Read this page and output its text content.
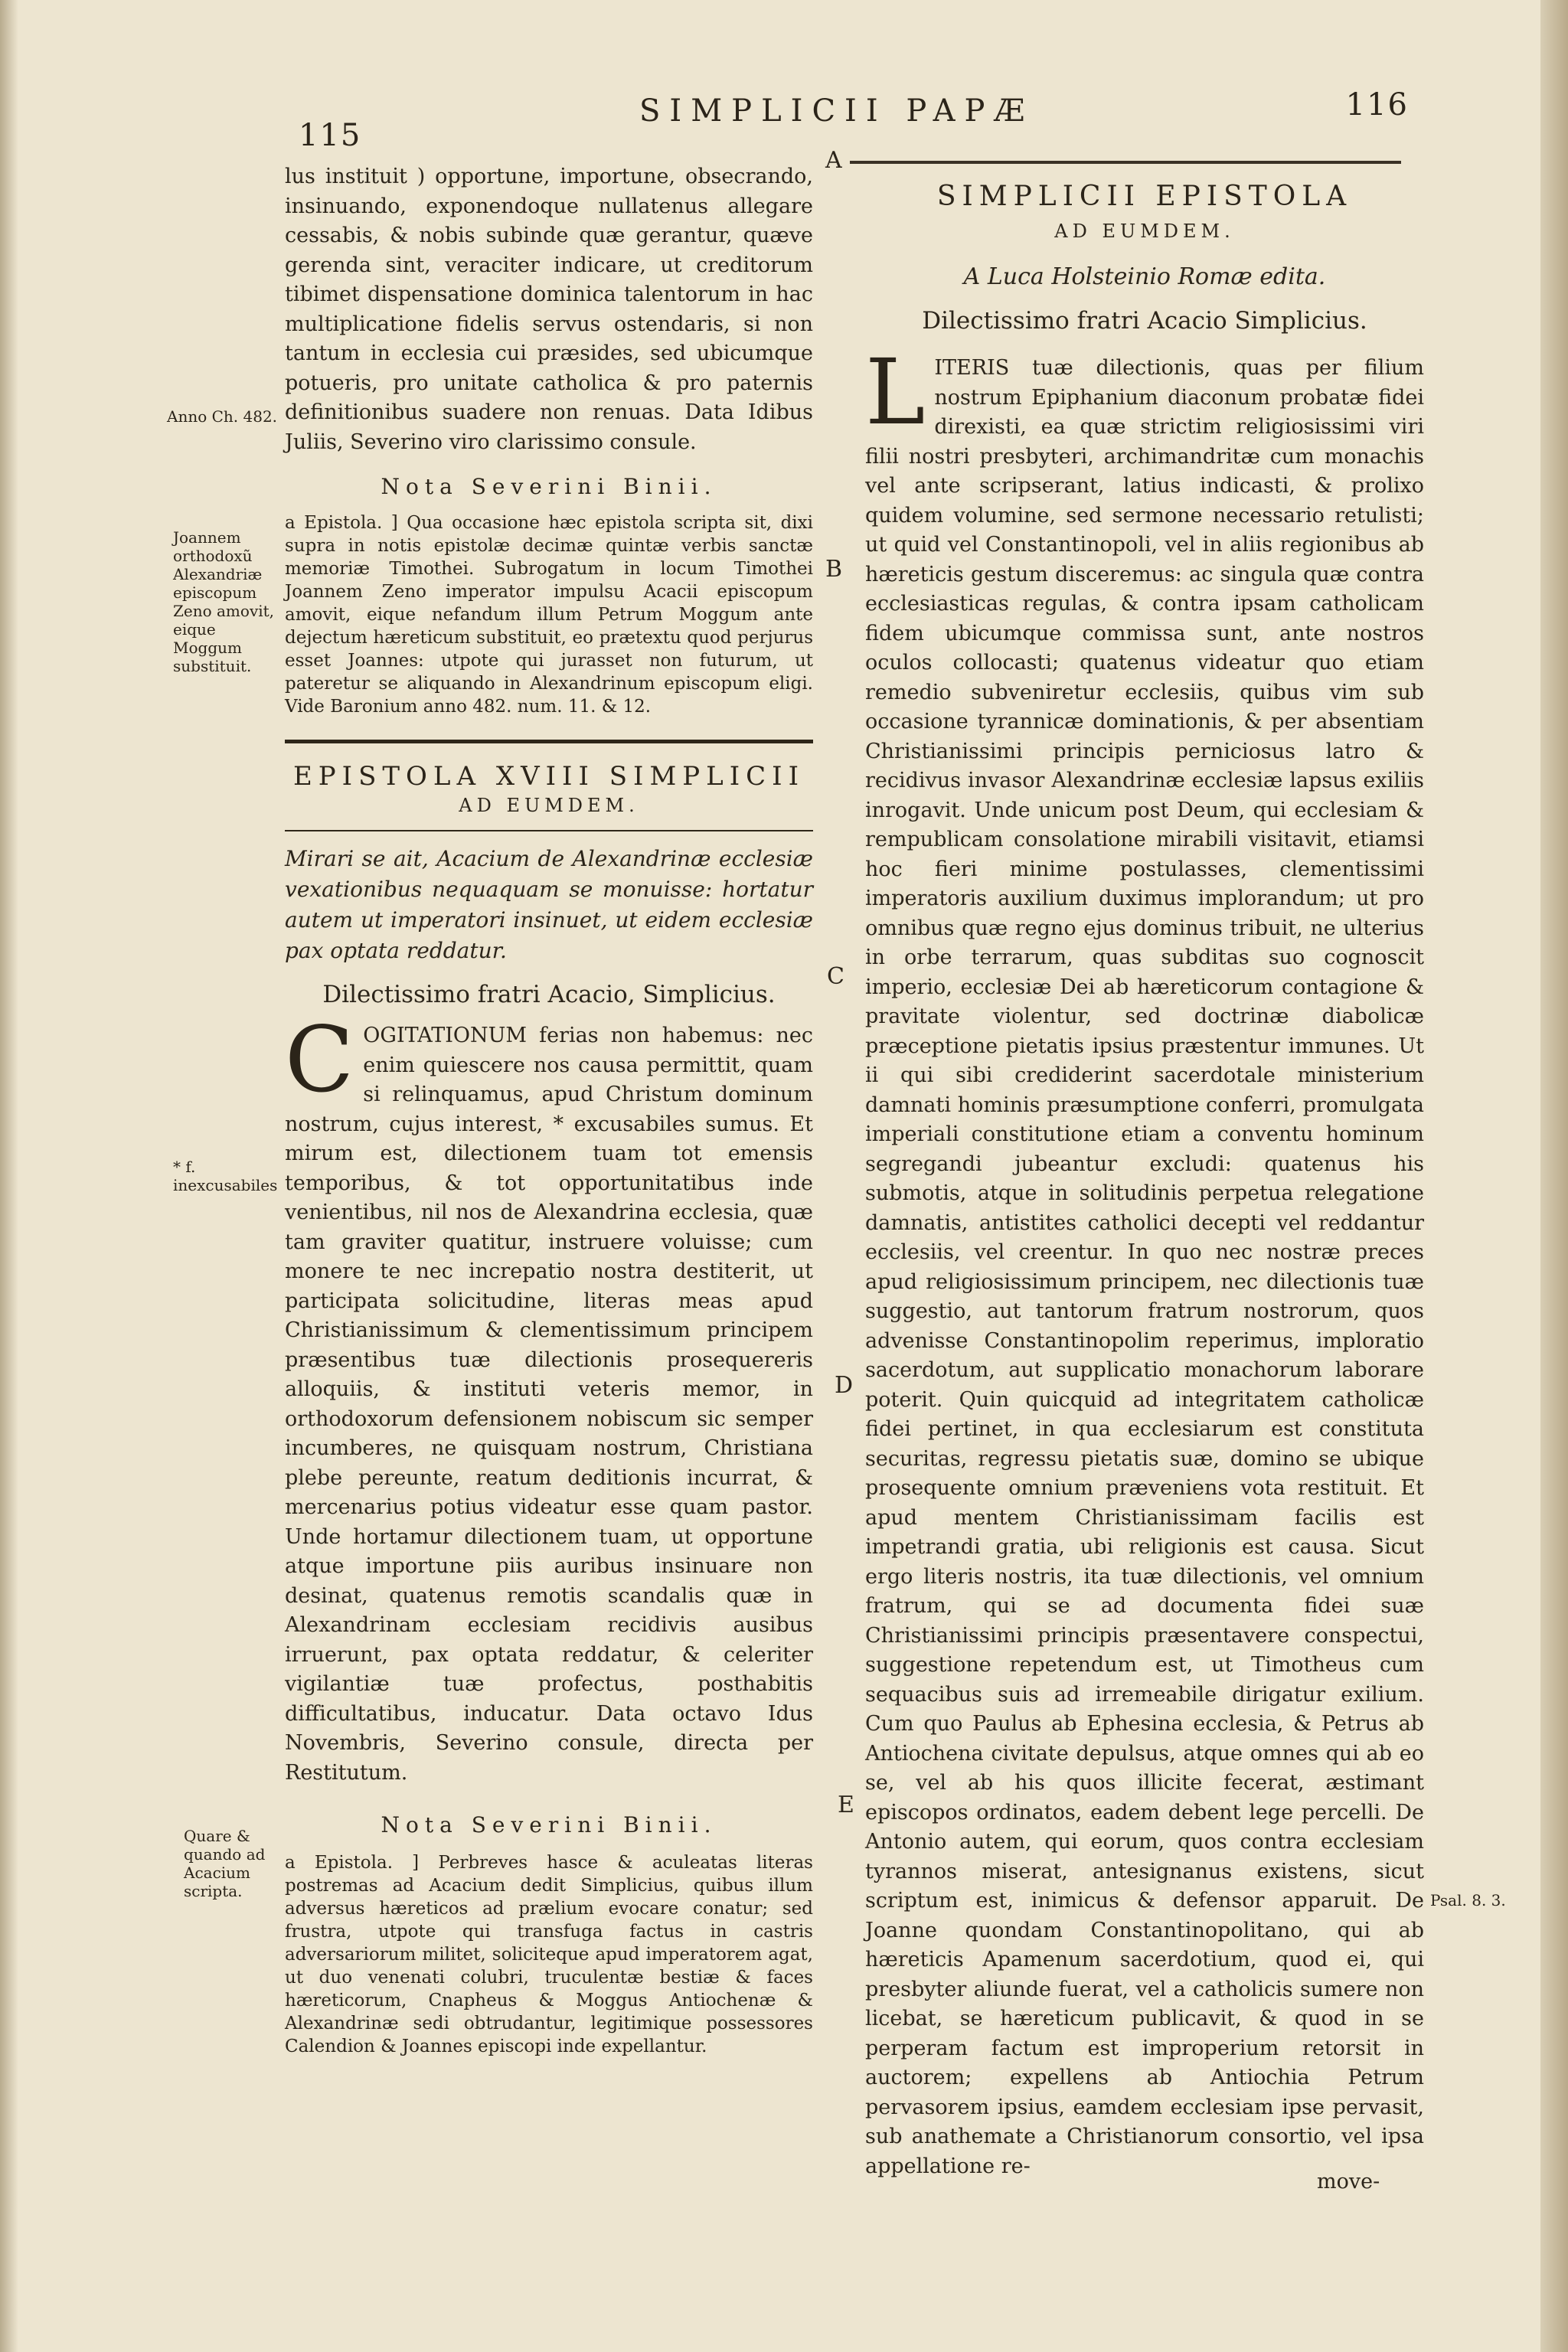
115
SIMPLICII PAPÆ	116

lus instituit ) opportune, importune, obsecrando, insinuando, exponendoque nullatenus allegare cessabis, & nobis subinde quæ gerantur, quæve gerenda sint, veraciter indicare, ut creditorum tibimet dispensatione dominica talentorum in hac multiplicatione fidelis servus ostendaris, si non tantum in ecclesia cui præsides, sed ubicumque potueris, pro unitate catholica & pro paternis definitionibus suadere non renuas. Data Idibus Juliis, Severino viro clarissimo consule.

Nota Severini Binii.

a Epistola. ] Qua occasione hæc epistola scripta sit, dixi supra in notis epistolæ decimæ quintæ verbis sanctæ memoriæ Timothei. Subrogatum in locum Timothei Joannem Zeno imperator impulsu Acacii episcopum amovit, eique nefandum illum Petrum Moggum ante dejectum hæreticum substituit, eo prætextu quod perjurus esset Joannes: utpote qui jurasset non futurum, ut pateretur se aliquando in Alexandrinum episcopum eligi. Vide Baronium anno 482. num. 11. & 12.

EPISTOLA XVIII SIMPLICII

AD EUMDEM.

Mirari se ait, Acacium de Alexandrinæ ecclesiæ vexationibus nequaquam se monuisse: hortatur autem ut imperatori insinuet, ut eidem ecclesiæ pax optata reddatur.

Dilectissimo fratri Acacio, Simplicius.

COGITATIONUM ferias non habemus: nec enim quiescere nos causa permittit, quam si relinquamus, apud Christum dominum nostrum, cujus interest, * excusabiles sumus. Et mirum est, dilectionem tuam tot emensis temporibus, & tot opportunitatibus inde venientibus, nil nos de Alexandrina ecclesia, quæ tam graviter quatitur, instruere voluisse; cum monere te nec increpatio nostra destiterit, ut participata solicitudine, literas meas apud Christianissimum & clementissimum principem præsentibus tuæ dilectionis prosequereris alloquiis, & instituti veteris memor, in orthodoxorum defensionem nobiscum sic semper incumberes, ne quisquam nostrum, Christiana plebe pereunte, reatum deditionis incurrat, & mercenarius potius videatur esse quam pastor. Unde hortamur dilectionem tuam, ut opportune atque importune piis auribus insinuare non desinat, quatenus remotis scandalis quæ in Alexandrinam ecclesiam recidivis ausibus irruerunt, pax optata reddatur, & celeriter vigilantiæ tuæ profectus, posthabitis difficultatibus, inducatur. Data octavo Idus Novembris, Severino consule, directa per Restitutum.

Nota Severini Binii.

a Epistola. ] Perbreves hasce & aculeatas literas postremas ad Acacium dedit Simplicius, quibus illum adversus hæreticos ad prælium evocare conatur; sed frustra, utpote qui transfuga factus in castris adversariorum militet, soliciteque apud imperatorem agat, ut duo venenati colubri, truculentæ bestiæ & faces hæreticorum, Cnapheus & Moggus Antiochenæ & Alexandrinæ sedi obtrudantur, legitimique possessores Calendion & Joannes episcopi inde expellantur.

Anno Ch. 482.
Joannem orthodoxũ Alexandriæ episcopum Zeno amovit, eique Moggum substituit.
* f. inexcusabiles
Quare & quando ad Acacium scripta.	Psal. 8. 3.
A
B
C
D
E

SIMPLICII EPISTOLA

AD EUMDEM.

A Luca Holsteinio Romæ edita.

Dilectissimo fratri Acacio Simplicius.

LITERIS tuæ dilectionis, quas per filium nostrum Epiphanium diaconum probatæ fidei direxisti, ea quæ strictim religiosissimi viri filii nostri presbyteri, archimandritæ cum monachis vel ante scripserant, latius indicasti, & prolixo quidem volumine, sed sermone necessario retulisti; ut quid vel Constantinopoli, vel in aliis regionibus ab hæreticis gestum disceremus: ac singula quæ contra ecclesiasticas regulas, & contra ipsam catholicam fidem ubicumque commissa sunt, ante nostros oculos collocasti; quatenus videatur quo etiam remedio subveniretur ecclesiis, quibus vim sub occasione tyrannicæ dominationis, & per absentiam Christianissimi principis perniciosus latro & recidivus invasor Alexandrinæ ecclesiæ lapsus exiliis inrogavit. Unde unicum post Deum, qui ecclesiam & rempublicam consolatione mirabili visitavit, etiamsi hoc fieri minime postulasses, clementissimi imperatoris auxilium duximus implorandum; ut pro omnibus quæ regno ejus dominus tribuit, ne ulterius in orbe terrarum, quas subditas suo cognoscit imperio, ecclesiæ Dei ab hæreticorum contagione & pravitate violentur, sed doctrinæ diabolicæ præceptione pietatis ipsius præstentur immunes. Ut ii qui sibi crediderint sacerdotale ministerium damnati hominis præsumptione conferri, promulgata imperiali constitutione etiam a conventu hominum segregandi jubeantur excludi: quatenus his submotis, atque in solitudinis perpetua relegatione damnatis, antistites catholici decepti vel reddantur ecclesiis, vel creentur. In quo nec nostræ preces apud religiosissimum principem, nec dilectionis tuæ suggestio, aut tantorum fratrum nostrorum, quos advenisse Constantinopolim reperimus, imploratio sacerdotum, aut supplicatio monachorum laborare poterit. Quin quicquid ad integritatem catholicæ fidei pertinet, in qua ecclesiarum est constituta securitas, regressu pietatis suæ, domino se ubique prosequente omnium præveniens vota restituit. Et apud mentem Christianissimam facilis est impetrandi gratia, ubi religionis est causa. Sicut ergo literis nostris, ita tuæ dilectionis, vel omnium fratrum, qui se ad documenta fidei suæ Christianissimi principis præsentavere conspectui, suggestione repetendum est, ut Timotheus cum sequacibus suis ad irremeabile dirigatur exilium. Cum quo Paulus ab Ephesina ecclesia, & Petrus ab Antiochena civitate depulsus, atque omnes qui ab eo se, vel ab his quos illicite fecerat, æstimant episcopos ordinatos, eadem debent lege percelli. De Antonio autem, qui eorum, quos contra ecclesiam tyrannos miserat, antesignanus existens, sicut scriptum est, inimicus & defensor apparuit. De Joanne quondam Constantinopolitano, qui ab hæreticis Apamenum sacerdotium, quod ei, qui presbyter aliunde fuerat, vel a catholicis sumere non licebat, se hæreticum publicavit, & quod in se perperam factum est improperium retorsit in auctorem; expellens ab Antiochia Petrum pervasorem ipsius, eamdem ecclesiam ipse pervasit, sub anathemate a Christianorum consortio, vel ipsa appellatione re-

move-
